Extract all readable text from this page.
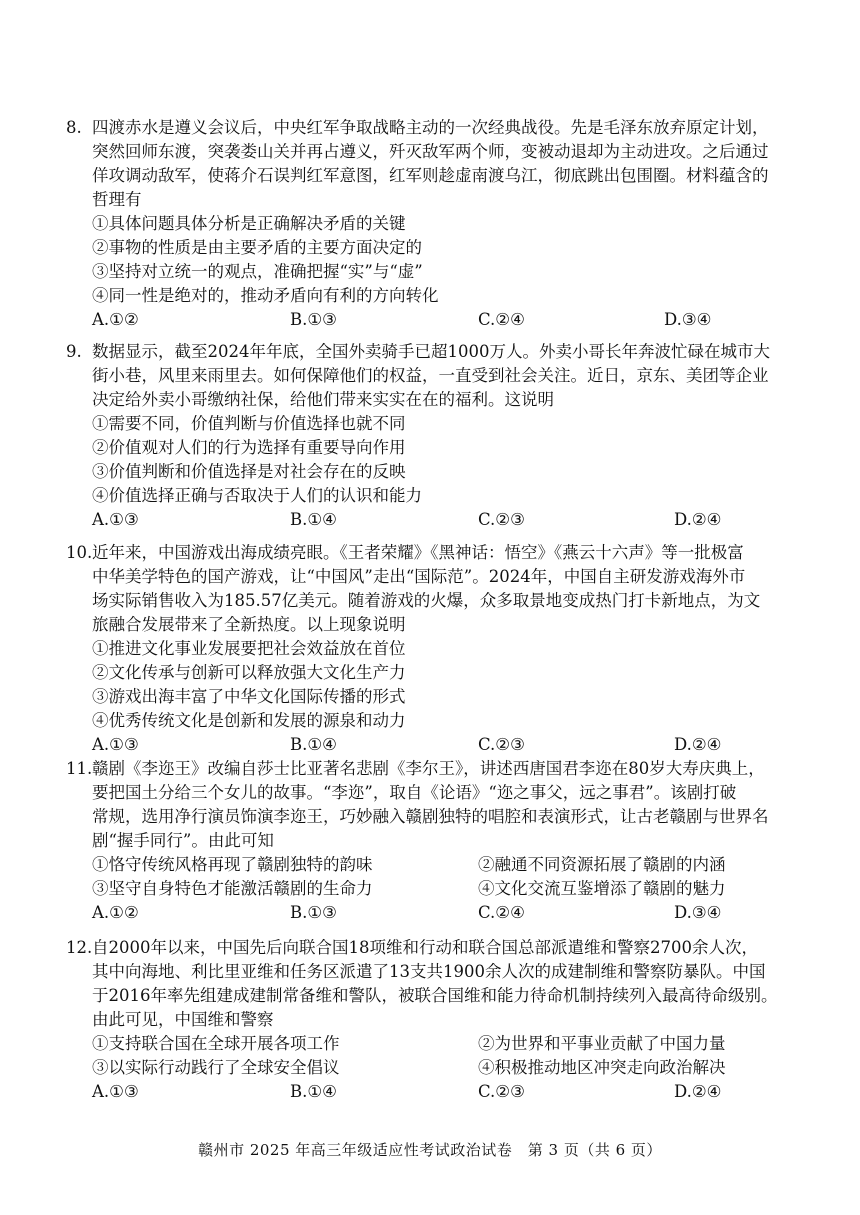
8. 四渡赤水是遵义会议后，中央红军争取战略主动的一次经典战役。先是毛泽东放弃原定计划，
突然回师东渡，突袭娄山关并再占遵义，歼灭敌军两个师，变被动退却为主动进攻。之后通过
佯攻调动敌军，使蒋介石误判红军意图，红军则趁虚南渡乌江，彻底跳出包围圈。材料蕴含的
哲理有
①具体问题具体分析是正确解决矛盾的关键
②事物的性质是由主要矛盾的主要方面决定的
③坚持对立统一的观点，准确把握“实”与“虚”
④同一性是绝对的，推动矛盾向有利的方向转化
A.①②	B.①③	C.②④	D.③④
9. 数据显示，截至2024年年底，全国外卖骑手已超1000万人。外卖小哥长年奔波忙碌在城市大
街小巷，风里来雨里去。如何保障他们的权益，一直受到社会关注。近日，京东、美团等企业
决定给外卖小哥缴纳社保，给他们带来实实在在的福利。这说明
①需要不同，价值判断与价值选择也就不同
②价值观对人们的行为选择有重要导向作用
③价值判断和价值选择是对社会存在的反映
④价值选择正确与否取决于人们的认识和能力
A.①③	B.①④	C.②③	D.②④
10.近年来，中国游戏出海成绩亮眼。《王者荣耀》《黑神话：悟空》《燕云十六声》等一批极富
中华美学特色的国产游戏，让“中国风”走出“国际范”。2024年，中国自主研发游戏海外市
场实际销售收入为185.57亿美元。随着游戏的火爆，众多取景地变成热门打卡新地点，为文
旅融合发展带来了全新热度。以上现象说明
①推进文化事业发展要把社会效益放在首位
②文化传承与创新可以释放强大文化生产力
③游戏出海丰富了中华文化国际传播的形式
④优秀传统文化是创新和发展的源泉和动力
A.①③	B.①④	C.②③	D.②④
11.赣剧《李迩王》改编自莎士比亚著名悲剧《李尔王》，讲述西唐国君李迩在80岁大寿庆典上，
要把国土分给三个女儿的故事。“李迩”，取自《论语》“迩之事父，远之事君”。该剧打破
常规，选用净行演员饰演李迩王，巧妙融入赣剧独特的唱腔和表演形式，让古老赣剧与世界名
剧“握手同行”。由此可知
①恪守传统风格再现了赣剧独特的韵味	②融通不同资源拓展了赣剧的内涵
③坚守自身特色才能激活赣剧的生命力	④文化交流互鉴增添了赣剧的魅力
A.①②	B.①③	C.②④	D.③④
12.自2000年以来，中国先后向联合国18项维和行动和联合国总部派遣维和警察2700余人次，
其中向海地、利比里亚维和任务区派遣了13支共1900余人次的成建制维和警察防暴队。中国
于2016年率先组建成建制常备维和警队，被联合国维和能力待命机制持续列入最高待命级别。
由此可见，中国维和警察
①支持联合国在全球开展各项工作	②为世界和平事业贡献了中国力量
③以实际行动践行了全球安全倡议	④积极推动地区冲突走向政治解决
A.①③	B.①④	C.②③	D.②④
赣州市 2025 年高三年级适应性考试政治试卷　第 3 页（共 6 页）
